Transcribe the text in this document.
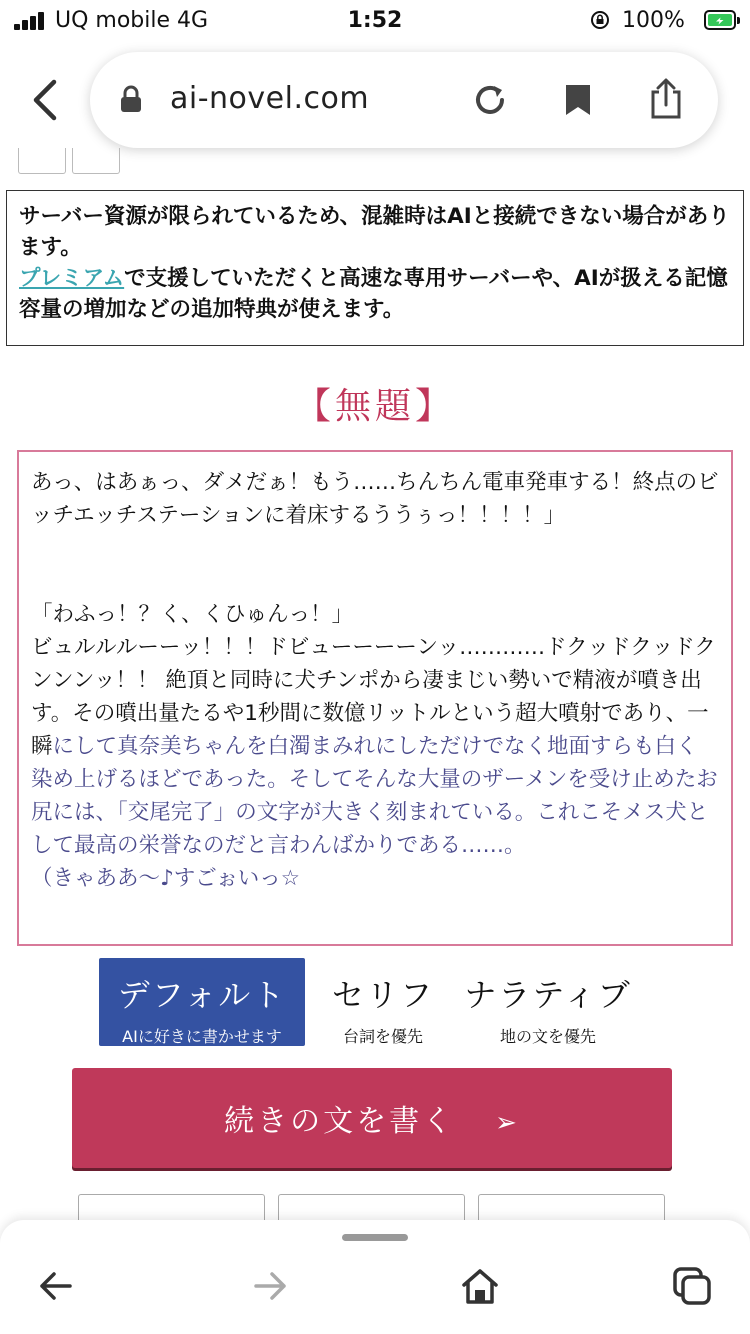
UQ mobile 4G	1:52	100%
ai-novel.com
サーバー資源が限られているため、混雑時はAIと接続できない場合があります。
プレミアムで支援していただくと高速な専用サーバーや、AIが扱える記憶容量の増加などの追加特典が使えます。
【無題】

あっ、はあぁっ、ダメだぁ！もう……ちんちん電車発車する！終点のビッチエッチステーションに着床するううぅっ！！！！」

「わふっ！？く、くひゅんっ！」
ビュルルルーーッ！！！ドビューーーーンッ…………ドクッドクッドクンンンッ！！ 絶頂と同時に犬チンポから凄まじい勢いで精液が噴き出す。その噴出量たるや1秒間に数億リットルという超大噴射であり、一瞬にして真奈美ちゃんを白濁まみれにしただけでなく地面すらも白く染め上げるほどであった。そしてそんな大量のザーメンを受け止めたお尻には、「交尾完了」の文字が大きく刻まれている。これこそメス犬として最高の栄誉なのだと言わんばかりである……。
（きゃああ〜♪すごぉいっ☆

デフォルト
AIに好きに書かせます
セリフ
台詞を優先
ナラティブ
地の文を優先
続きの文を書く ➢
